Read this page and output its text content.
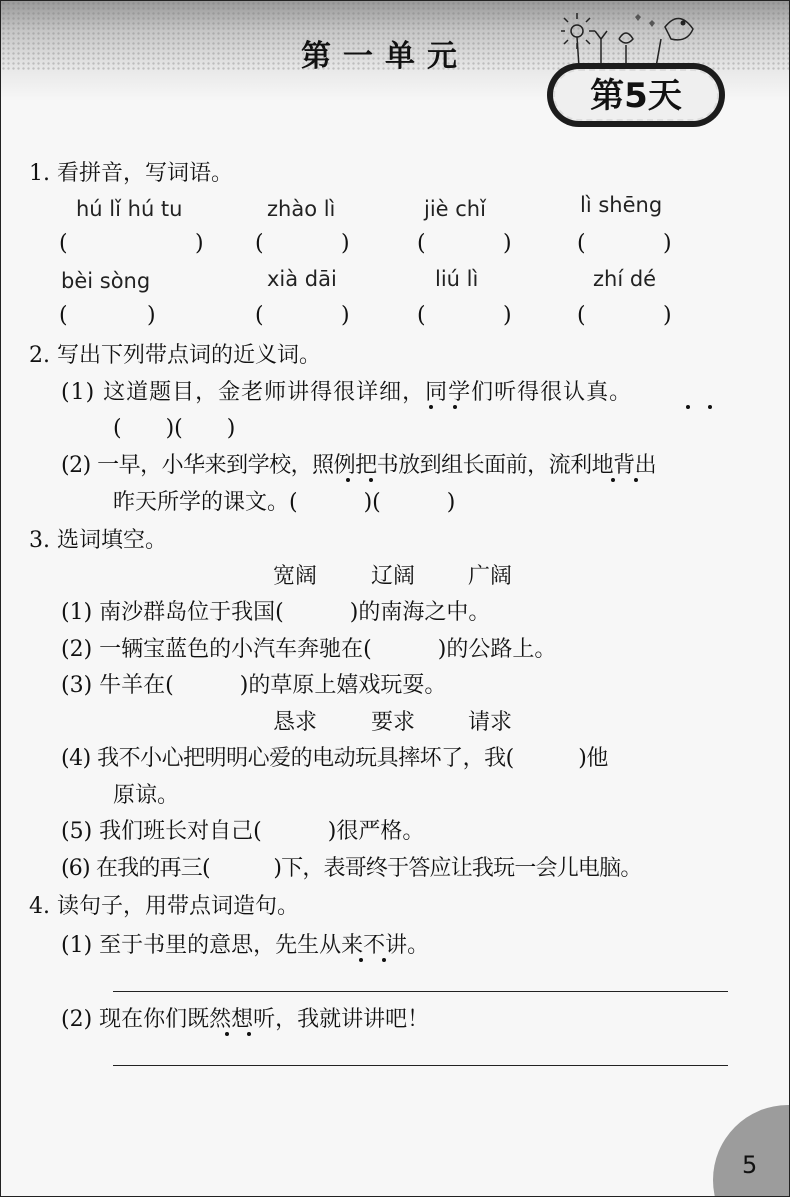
第一单元
第5天
1. 看拼音，写词语。
hú lǐ hú tu	zhào lì	jiè chǐ	lì shēng
(	) (	)	(	)	(	)
bèi sòng	xià dāi	liú lì	zhí dé
(	)	(	)	(	)	(	)
2. 写出下列带点词的近义词。
(1) 这道题目，金老师讲得很详细，同学们听得很认真。
(　　)(　　)
(2) 一早，小华来到学校，照例把书放到组长面前，流利地背出
昨天所学的课文。(　　　)(　　　)
3. 选词填空。
宽阔 辽阔 广阔
(1) 南沙群岛位于我国(　　　)的南海之中。
(2) 一辆宝蓝色的小汽车奔驰在(　　　)的公路上。
(3) 牛羊在(　　　)的草原上嬉戏玩耍。
恳求 要求 请求
(4) 我不小心把明明心爱的电动玩具摔坏了，我(　　　)他
原谅。
(5) 我们班长对自己(　　　)很严格。
(6) 在我的再三(　　　)下，表哥终于答应让我玩一会儿电脑。
4. 读句子，用带点词造句。
(1) 至于书里的意思，先生从来不讲。
(2) 现在你们既然想听，我就讲讲吧！
5
